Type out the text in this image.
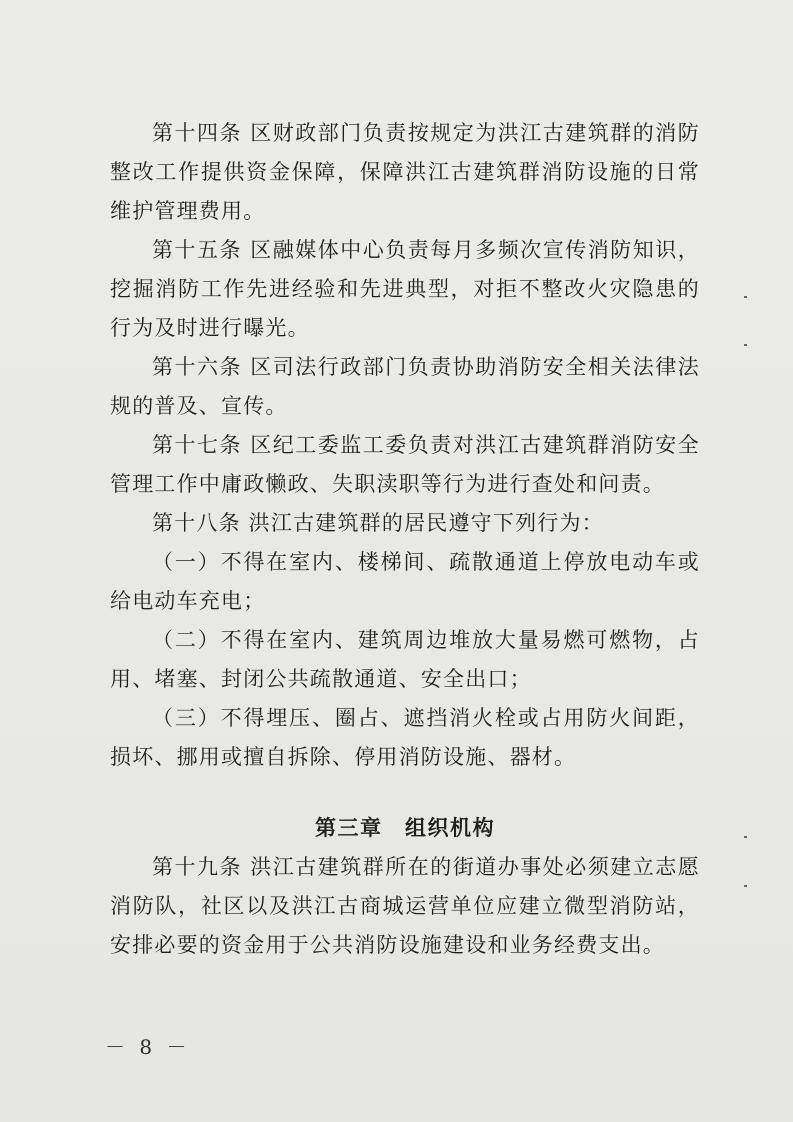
第十四条 区财政部门负责按规定为洪江古建筑群的消防整改工作提供资金保障，保障洪江古建筑群消防设施的日常维护管理费用。

第十五条 区融媒体中心负责每月多频次宣传消防知识，挖掘消防工作先进经验和先进典型，对拒不整改火灾隐患的行为及时进行曝光。

第十六条 区司法行政部门负责协助消防安全相关法律法规的普及、宣传。

第十七条 区纪工委监工委负责对洪江古建筑群消防安全管理工作中庸政懒政、失职渎职等行为进行查处和问责。

第十八条 洪江古建筑群的居民遵守下列行为：

（一）不得在室内、楼梯间、疏散通道上停放电动车或给电动车充电；

（二）不得在室内、建筑周边堆放大量易燃可燃物，占用、堵塞、封闭公共疏散通道、安全出口；

（三）不得埋压、圈占、遮挡消火栓或占用防火间距，损坏、挪用或擅自拆除、停用消防设施、器材。

第三章　组织机构

第十九条 洪江古建筑群所在的街道办事处必须建立志愿消防队，社区以及洪江古商城运营单位应建立微型消防站，安排必要的资金用于公共消防设施建设和业务经费支出。

－ 8 －
